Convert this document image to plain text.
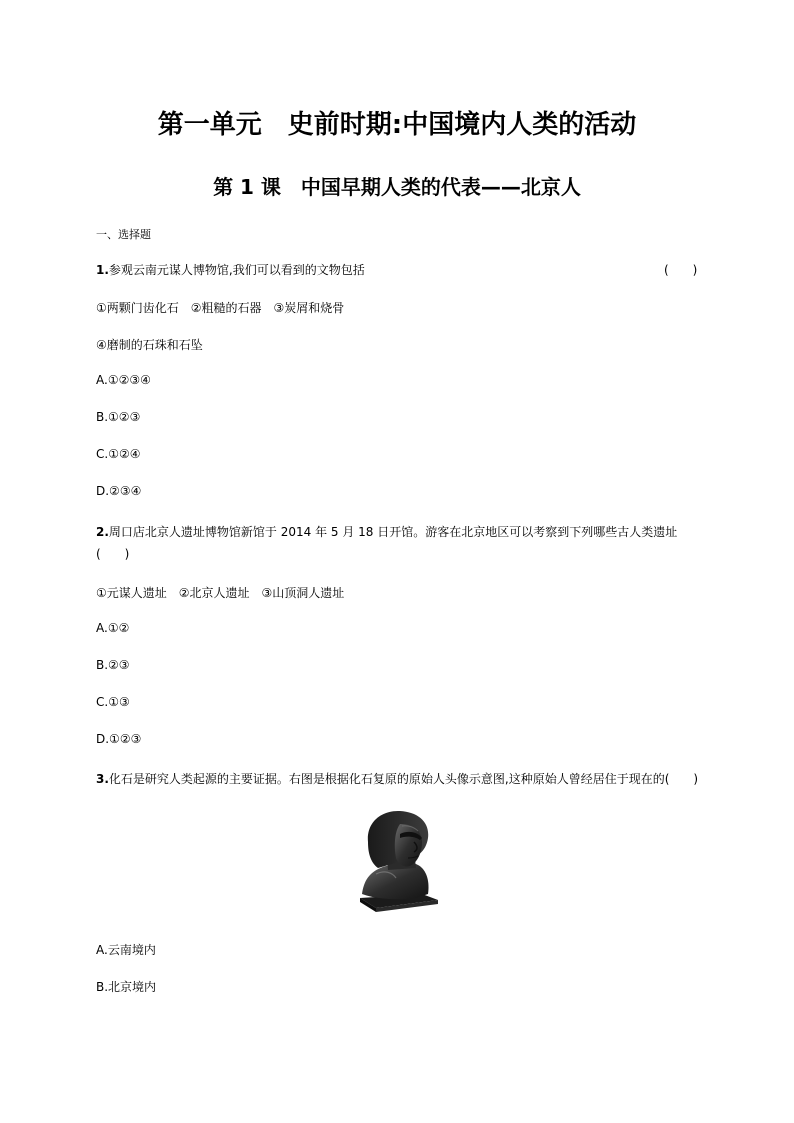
第一单元　史前时期:中国境内人类的活动
第 1 课　中国早期人类的代表——北京人
一、选择题
1.参观云南元谋人博物馆,我们可以看到的文物包括	(　　)
①两颗门齿化石　②粗糙的石器　③炭屑和烧骨
④磨制的石珠和石坠
A.①②③④
B.①②③
C.①②④
D.②③④
2.周口店北京人遗址博物馆新馆于 2014 年 5 月 18 日开馆。游客在北京地区可以考察到下列哪些古人类遗址
(　　)
①元谋人遗址　②北京人遗址　③山顶洞人遗址
A.①②
B.②③
C.①③
D.①②③
3.化石是研究人类起源的主要证据。右图是根据化石复原的原始人头像示意图,这种原始人曾经居住于现在的(　　)
A.云南境内
B.北京境内
